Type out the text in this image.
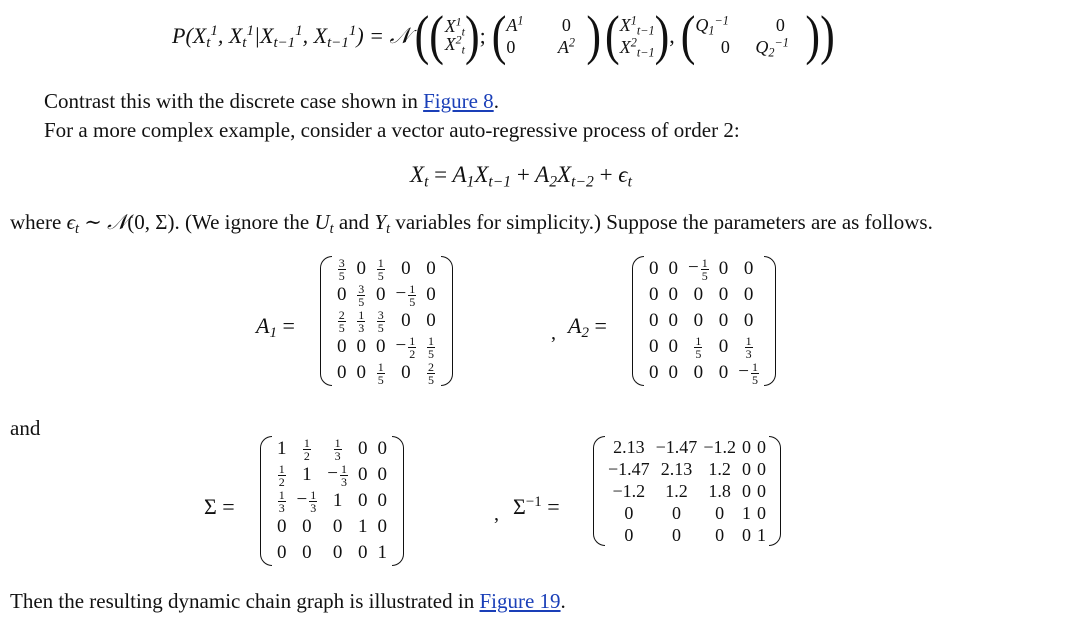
$P(X_t^1$, $X_t^1|X_{t-1}^1$, $X_{t-1}^1$) = 𝒩 (( $X^1_t$
$X^2_t$ ) ; ( $A^1$	0
0	$A^2$ ) ( $X^1_{t-1}$
$X^2_{t-1}$ ) , ( $Q_1^{-1}$	0
0	$Q_2^{-1}$ ))
Contrast this with the discrete case shown in Figure 8.
For a more complex example, consider a vector auto-regressive process of order 2:
$X_t = A_1X_{t-1} + A_2X_{t-2} + \epsilon_t$
where $\epsilon_t$ ∼ 𝒩(0, Σ). (We ignore the $U_t$ and $Y_t$ variables for simplicity.) Suppose the parameters are as follows.
$A_1$ =
$\frac{3}{5}$	0	$\frac{1}{5}$	0	0
0	$\frac{3}{5}$	0	− $\frac{1}{5}$	0

$\frac{2}{5}$	$\frac{1}{3}$	$\frac{3}{5}$	0	0
0	0	0	− $\frac{1}{2}$	$\frac{1}{5}$

0	0	$\frac{1}{5}$	0	$\frac{2}{5}$
, $A_2$ =
0	0	− $\frac{1}{5}$	0	0
0	0	0	0	0
0	0	0	0	0
0	0	$\frac{1}{5}$	0	$\frac{1}{3}$

0	0	0	0	− $\frac{1}{5}$
and
Σ =
1	$\frac{1}{2}$	$\frac{1}{3}$	0	0

$\frac{1}{2}$	1	− $\frac{1}{3}$	0	0

$\frac{1}{3}$	− $\frac{1}{3}$	1	0	0
0	0	0	1	0
0	0	0	0	1
, $\Sigma^{-1}$ =
2.13	−1.47	−1.2	0	0
−1.47	2.13	1.2	0	0
−1.2	1.2	1.8	0	0
0	0	0	1	0
0	0	0	0	1
Then the resulting dynamic chain graph is illustrated in Figure 19.
